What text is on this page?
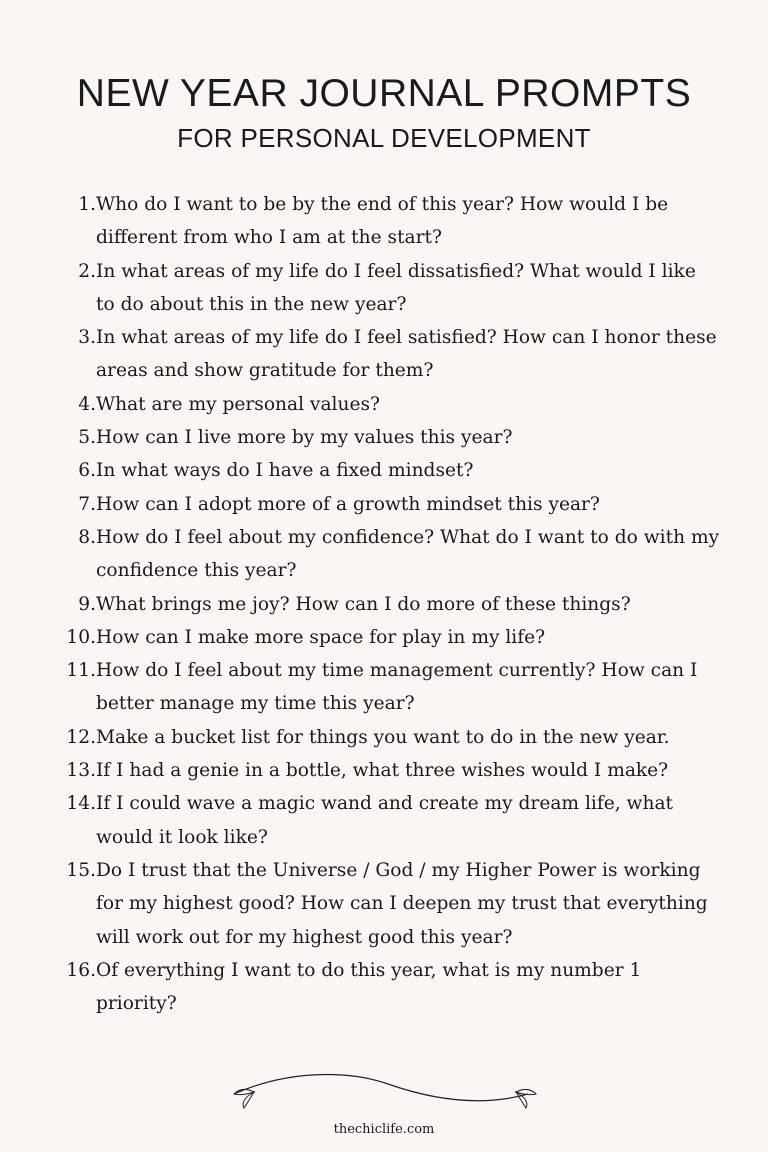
NEW YEAR JOURNAL PROMPTS
FOR PERSONAL DEVELOPMENT
1. Who do I want to be by the end of this year? How would I be different from who I am at the start?
2. In what areas of my life do I feel dissatisfied? What would I like to do about this in the new year?
3. In what areas of my life do I feel satisfied? How can I honor these areas and show gratitude for them?
4. What are my personal values?
5. How can I live more by my values this year?
6. In what ways do I have a fixed mindset?
7. How can I adopt more of a growth mindset this year?
8. How do I feel about my confidence? What do I want to do with my confidence this year?
9. What brings me joy? How can I do more of these things?
10. How can I make more space for play in my life?
11. How do I feel about my time management currently? How can I better manage my time this year?
12. Make a bucket list for things you want to do in the new year.
13. If I had a genie in a bottle, what three wishes would I make?
14. If I could wave a magic wand and create my dream life, what would it look like?
15. Do I trust that the Universe / God / my Higher Power is working for my highest good? How can I deepen my trust that everything will work out for my highest good this year?
16. Of everything I want to do this year, what is my number 1 priority?
thechiclife.com
